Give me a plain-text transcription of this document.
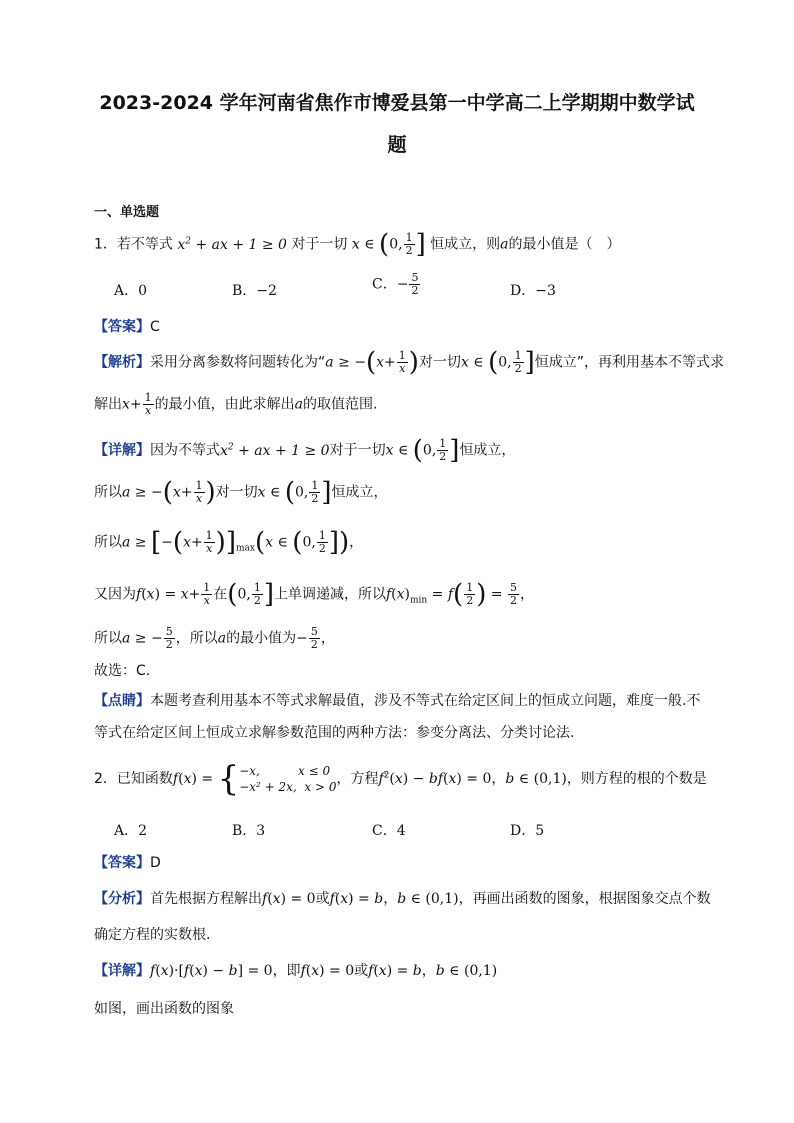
2023-2024 学年河南省焦作市博爱县第一中学高二上学期期中数学试
题
一、单选题
1．若不等式 $x^2$ + ax + 1 ≥ 0 对于一切 x ∈ (0, $\frac{1}{2}$ ] 恒成立，则a的最小值是（　）
A．0	B．−2	C．− $\frac{5}{2}$	D．−3
【答案】C
【解析】采用分离参数将问题转化为“$a \ge -(x+ \frac{1}{x}$ )对一切x ∈ (0, $\frac{1}{2}$ ]恒成立”，再利用基本不等式求
解出$x+ \frac{1}{x}$ 的最小值，由此求解出a的取值范围.
【详解】因为不等式$x^2$ + ax + 1 ≥ 0对于一切x ∈ (0, $\frac{1}{2}$ ]恒成立，
所以$a \ge -(x+ \frac{1}{x}$ )对一切x ∈ (0, $\frac{1}{2}$ ]恒成立，
所以$a \ge [-(x+ \frac{1}{x} )]_{max}(x$ ∈ (0, $\frac{1}{2}$ ])，
又因为$f(x) = x+ \frac{1}{x}$ 在(0, $\frac{1}{2}$ ]上单调递减，所以$f(x)_{min} = f( \frac{1}{2}$ ) = $\frac{5}{2}$ ，
所以a ≥ − $\frac{5}{2}$ ，所以a的最小值为− $\frac{5}{2}$ ，
故选：C.
【点睛】本题考查利用基本不等式求解最值，涉及不等式在给定区间上的恒成立问题，难度一般.不
等式在给定区间上恒成立求解参数范围的两种方法：参变分离法、分类讨论法.
2．已知函数f(x) = { −x,          x ≤ 0
−x² + 2x,  x > 0 ，方程$f^2(x) - bf(x) = 0$，b ∈ (0,1)，则方程的根的个数是
A．2	B．3	C．4	D．5
【答案】D
【分析】首先根据方程解出f(x) = 0或f(x) = b，b ∈ (0,1)，再画出函数的图象，根据图象交点个数
确定方程的实数根.
【详解】f(x)·[f(x) − b] = 0，即f(x) = 0或f(x) = b，b ∈ (0,1)
如图，画出函数的图象
